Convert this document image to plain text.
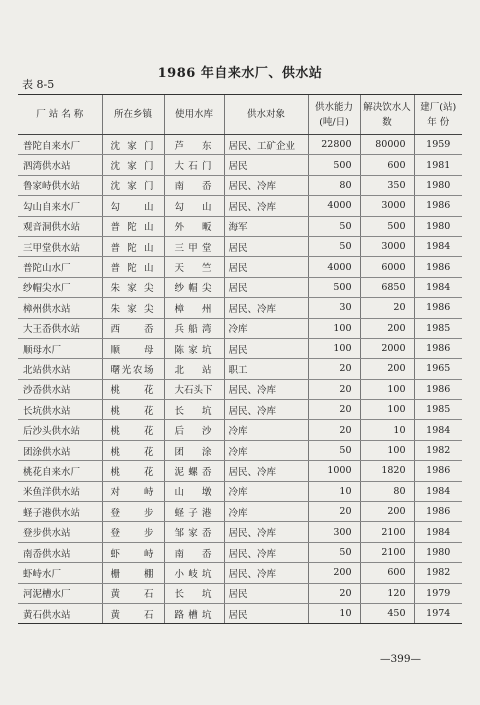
1986 年自来水厂、供水站
表 8-5
厂 站 名 称	所在乡镇	使用水库	供水对象	供水能力(吨/日)	解决饮水人数	建厂(站)年 份
普陀自来水厂	沈家门	芦东	居民、工矿企业	22800	80000	1959
泗湾供水站	沈家门	大石门	居民	500	600	1981
鲁家峙供水站	沈家门	南岙	居民、冷库	80	350	1980
勾山自来水厂	勾山	勾山	居民、冷库	4000	3000	1986
观音洞供水站	普陀山	外畈	海军	50	500	1980
三甲堂供水站	普陀山	三甲堂	居民	50	3000	1984
普陀山水厂	普陀山	天竺	居民	4000	6000	1986
纱帽尖水厂	朱家尖	纱帽尖	居民	500	6850	1984
樟州供水站	朱家尖	樟州	居民、冷库	30	20	1986
大王岙供水站	西岙	兵船湾	冷库	100	200	1985
顺母水厂	顺母	陈家坑	居民	100	2000	1986
北站供水站	曙光农场	北站	职工	20	200	1965
沙岙供水站	桃花	大石头下	居民、冷库	20	100	1986
长坑供水站	桃花	长坑	居民、冷库	20	100	1985
后沙头供水站	桃花	后沙	冷库	20	10	1984
团涂供水站	桃花	团涂	冷库	50	100	1982
桃花自来水厂	桃花	泥螺岙	居民、冷库	1000	1820	1986
米鱼洋供水站	对峙	山墩	冷库	10	80	1984
蛏子港供水站	登步	蛏子港	冷库	20	200	1986
登步供水站	登步	邹家岙	居民、冷库	300	2100	1984
南岙供水站	虾峙	南岙	居民、冷库	50	2100	1980
虾峙水厂	栅棚	小岐坑	居民、冷库	200	600	1982
河泥槽水厂	黄石	长坑	居民	20	120	1979
黄石供水站	黄石	路槽坑	居民	10	450	1974
—399—
